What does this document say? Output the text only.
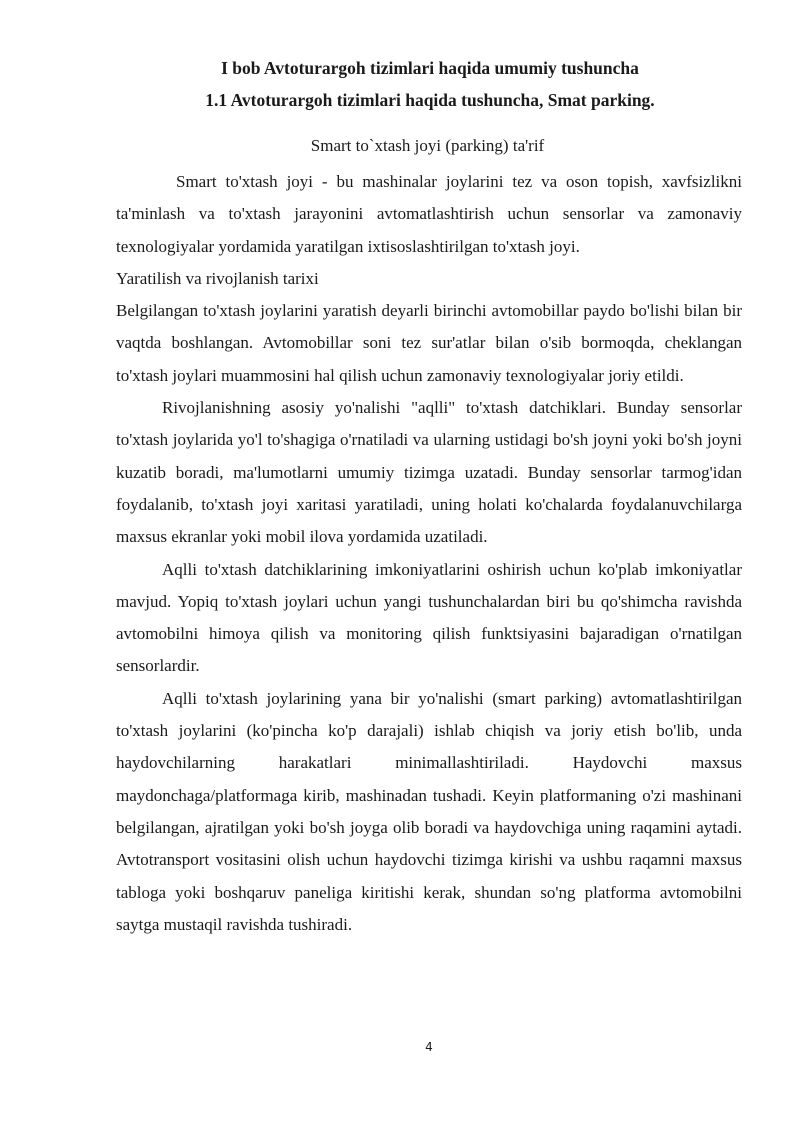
I bob Avtoturargoh tizimlari haqida umumiy tushuncha
1.1 Avtoturargoh tizimlari haqida tushuncha, Smat parking.
Smart to`xtash joyi (parking) ta'rif

Smart to'xtash joyi - bu mashinalar joylarini tez va oson topish, xavfsizlikni ta'minlash va to'xtash jarayonini avtomatlashtirish uchun sensorlar va zamonaviy texnologiyalar yordamida yaratilgan ixtisoslashtirilgan to'xtash joyi.

Yaratilish va rivojlanish tarixi

Belgilangan to'xtash joylarini yaratish deyarli birinchi avtomobillar paydo bo'lishi bilan bir vaqtda boshlangan. Avtomobillar soni tez sur'atlar bilan o'sib bormoqda, cheklangan to'xtash joylari muammosini hal qilish uchun zamonaviy texnologiyalar joriy etildi.

Rivojlanishning asosiy yo'nalishi "aqlli" to'xtash datchiklari. Bunday sensorlar to'xtash joylarida yo'l to'shagiga o'rnatiladi va ularning ustidagi bo'sh joyni yoki bo'sh joyni kuzatib boradi, ma'lumotlarni umumiy tizimga uzatadi. Bunday sensorlar tarmog'idan foydalanib, to'xtash joyi xaritasi yaratiladi, uning holati ko'chalarda foydalanuvchilarga maxsus ekranlar yoki mobil ilova yordamida uzatiladi.

Aqlli to'xtash datchiklarining imkoniyatlarini oshirish uchun ko'plab imkoniyatlar mavjud. Yopiq to'xtash joylari uchun yangi tushunchalardan biri bu qo'shimcha ravishda avtomobilni himoya qilish va monitoring qilish funktsiyasini bajaradigan o'rnatilgan sensorlardir.

Aqlli to'xtash joylarining yana bir yo'nalishi (smart parking) avtomatlashtirilgan to'xtash joylarini (ko'pincha ko'p darajali) ishlab chiqish va joriy etish bo'lib, unda haydovchilarning harakatlari minimallashtiriladi. Haydovchi maxsus maydonchaga/platformaga kirib, mashinadan tushadi. Keyin platformaning o'zi mashinani belgilangan, ajratilgan yoki bo'sh joyga olib boradi va haydovchiga uning raqamini aytadi. Avtotransport vositasini olish uchun haydovchi tizimga kirishi va ushbu raqamni maxsus tabloga yoki boshqaruv paneliga kiritishi kerak, shundan so'ng platforma avtomobilni saytga mustaqil ravishda tushiradi.

4
